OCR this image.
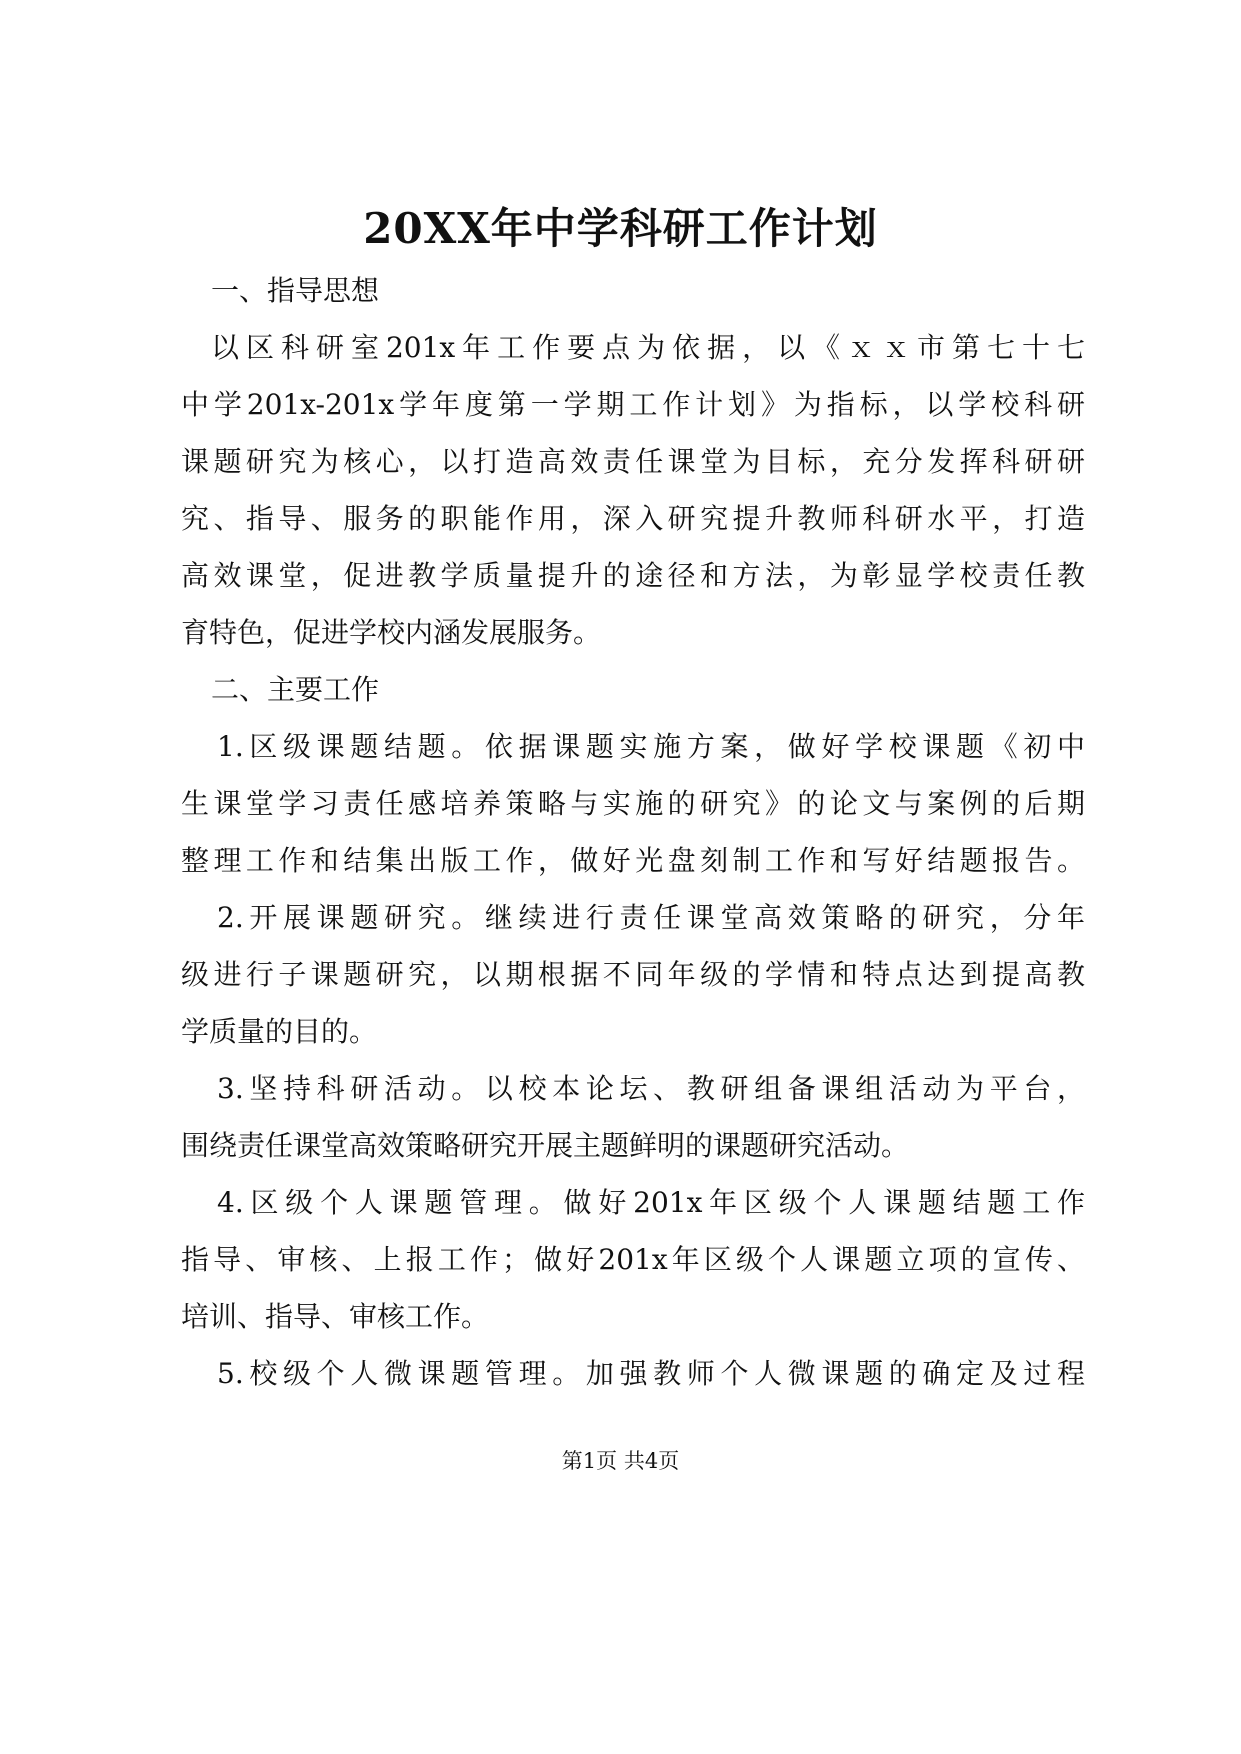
20XX年中学科研工作计划
一、指导思想
以区科研室201x年工作要点为依据，以《ｘｘ市第七十七
中学201x-201x学年度第一学期工作计划》为指标，以学校科研
课题研究为核心，以打造高效责任课堂为目标，充分发挥科研研
究、指导、服务的职能作用，深入研究提升教师科研水平，打造
高效课堂，促进教学质量提升的途径和方法，为彰显学校责任教
育特色，促进学校内涵发展服务。
二、主要工作
1.区级课题结题。依据课题实施方案，做好学校课题《初中
生课堂学习责任感培养策略与实施的研究》的论文与案例的后期
整理工作和结集出版工作，做好光盘刻制工作和写好结题报告。
2.开展课题研究。继续进行责任课堂高效策略的研究，分年
级进行子课题研究，以期根据不同年级的学情和特点达到提高教
学质量的目的。
3.坚持科研活动。以校本论坛、教研组备课组活动为平台，
围绕责任课堂高效策略研究开展主题鲜明的课题研究活动。
4.区级个人课题管理。做好201x年区级个人课题结题工作
指导、审核、上报工作；做好201x年区级个人课题立项的宣传、
培训、指导、审核工作。
5.校级个人微课题管理。加强教师个人微课题的确定及过程
第1页 共4页
